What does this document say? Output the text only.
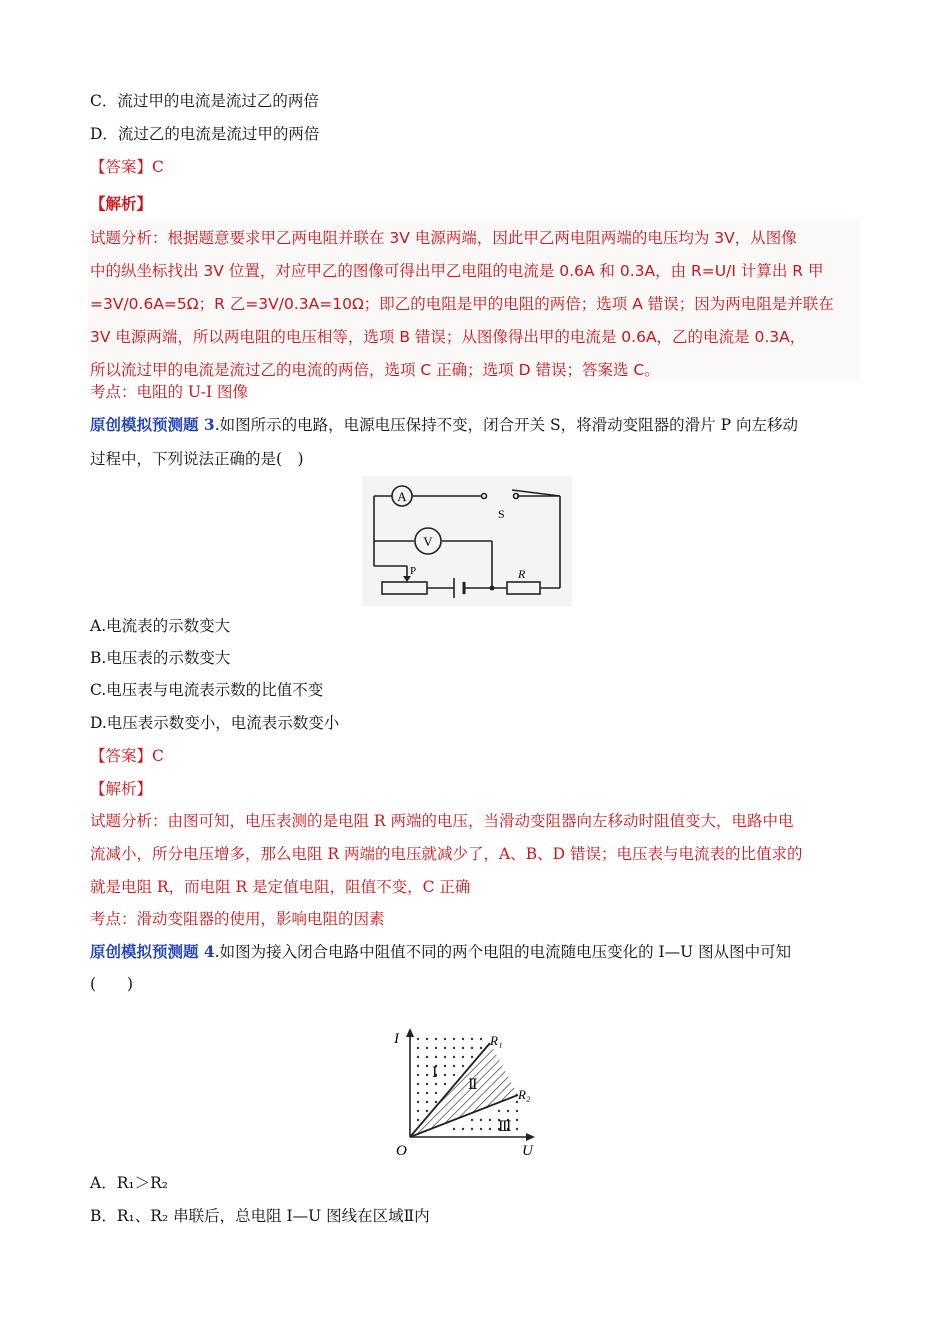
C．流过甲的电流是流过乙的两倍
D．流过乙的电流是流过甲的两倍
【答案】C
【解析】
试题分析：根据题意要求甲乙两电阻并联在 3V 电源两端，因此甲乙两电阻两端的电压均为 3V，从图像
中的纵坐标找出 3V 位置，对应甲乙的图像可得出甲乙电阻的电流是 0.6A 和 0.3A，由 R=U/I 计算出 R 甲
=3V/0.6A=5Ω；R 乙=3V/0.3A=10Ω；即乙的电阻是甲的电阻的两倍；选项 A 错误；因为两电阻是并联在
3V 电源两端，所以两电阻的电压相等，选项 B 错误；从图像得出甲的电流是 0.6A，乙的电流是 0.3A，
所以流过甲的电流是流过乙的电流的两倍，选项 C 正确；选项 D 错误；答案选 C。
考点：电阻的 U-I 图像
原创模拟预测题 3.如图所示的电路，电源电压保持不变，闭合开关 S，将滑动变阻器的滑片 P 向左移动
过程中，下列说法正确的是(　)
A
V
S
P	R
A.电流表的示数变大
B.电压表的示数变大
C.电压表与电流表示数的比值不变
D.电压表示数变小，电流表示数变小
【答案】C
【解析】
试题分析：由图可知，电压表测的是电阻 R 两端的电压，当滑动变阻器向左移动时阻值变大，电路中电
流减小，所分电压增多，那么电阻 R 两端的电压就减少了，A、B、D 错误；电压表与电流表的比值求的
就是电阻 R，而电阻 R 是定值电阻，阻值不变，C 正确
考点：滑动变阻器的使用，影响电阻的因素
原创模拟预测题 4.如图为接入闭合电路中阻值不同的两个电阻的电流随电压变化的 I—U 图从图中可知
(　　)
I
U
O
R₁
R₂
Ⅰ
Ⅱ
Ⅲ
A．R₁＞R₂
B．R₁、R₂ 串联后，总电阻 I—U 图线在区域Ⅱ内
